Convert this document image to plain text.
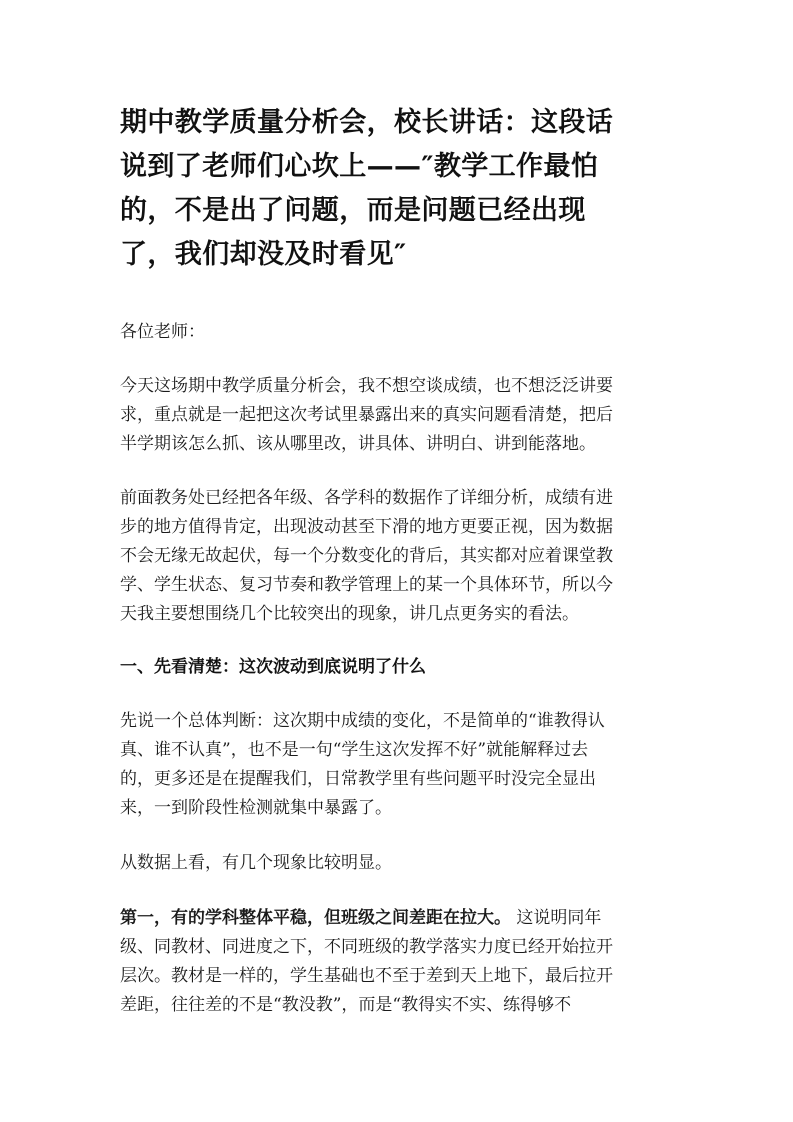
期中教学质量分析会，校长讲话：这段话
说到了老师们心坎上——″教学工作最怕
的，不是出了问题，而是问题已经出现
了，我们却没及时看见″

各位老师：

今天这场期中教学质量分析会，我不想空谈成绩，也不想泛泛讲要
求，重点就是一起把这次考试里暴露出来的真实问题看清楚，把后
半学期该怎么抓、该从哪里改，讲具体、讲明白、讲到能落地。

前面教务处已经把各年级、各学科的数据作了详细分析，成绩有进
步的地方值得肯定，出现波动甚至下滑的地方更要正视，因为数据
不会无缘无故起伏，每一个分数变化的背后，其实都对应着课堂教
学、学生状态、复习节奏和教学管理上的某一个具体环节，所以今
天我主要想围绕几个比较突出的现象，讲几点更务实的看法。

一、先看清楚：这次波动到底说明了什么

先说一个总体判断：这次期中成绩的变化，不是简单的“谁教得认
真、谁不认真”，也不是一句“学生这次发挥不好”就能解释过去
的，更多还是在提醒我们，日常教学里有些问题平时没完全显出
来，一到阶段性检测就集中暴露了。

从数据上看，有几个现象比较明显。

第一，有的学科整体平稳，但班级之间差距在拉大。 这说明同年
级、同教材、同进度之下，不同班级的教学落实力度已经开始拉开
层次。教材是一样的，学生基础也不至于差到天上地下，最后拉开
差距，往往差的不是“教没教”，而是“教得实不实、练得够不
